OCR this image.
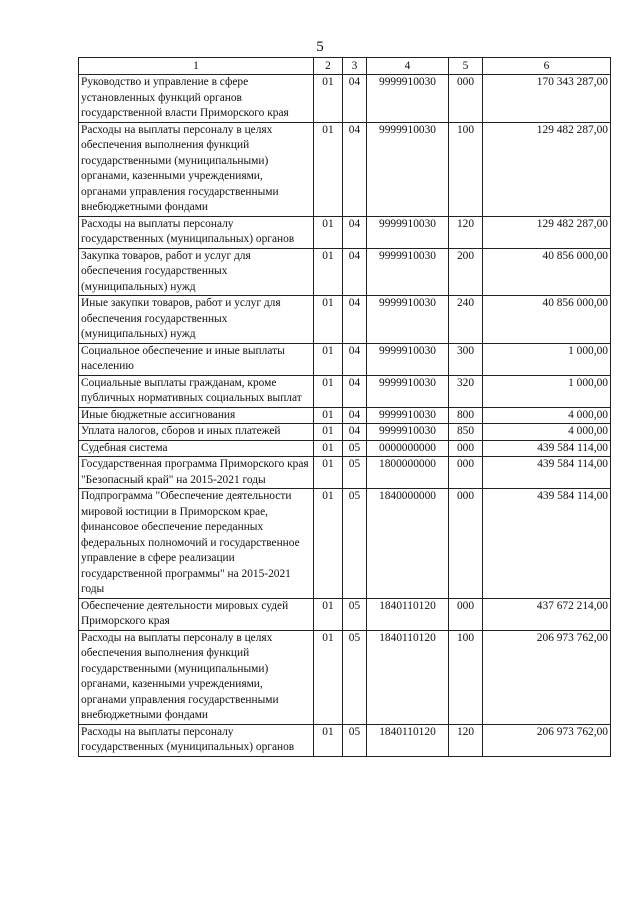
5
1	2	3	4	5	6
Руководство и управление в сфере установленных функций органов государственной власти Приморского края	01	04	9999910030	000	170 343 287,00
Расходы на выплаты персоналу в целях обеспечения выполнения функций государственными (муниципальными) органами, казенными учреждениями, органами управления государственными внебюджетными фондами	01	04	9999910030	100	129 482 287,00
Расходы на выплаты персоналу государственных (муниципальных) органов	01	04	9999910030	120	129 482 287,00
Закупка товаров, работ и услуг для обеспечения государственных (муниципальных) нужд	01	04	9999910030	200	40 856 000,00
Иные закупки товаров, работ и услуг для обеспечения государственных (муниципальных) нужд	01	04	9999910030	240	40 856 000,00
Социальное обеспечение и иные выплаты населению	01	04	9999910030	300	1 000,00
Социальные выплаты гражданам, кроме публичных нормативных социальных выплат	01	04	9999910030	320	1 000,00
Иные бюджетные ассигнования	01	04	9999910030	800	4 000,00
Уплата налогов, сборов и иных платежей	01	04	9999910030	850	4 000,00
Судебная система	01	05	0000000000	000	439 584 114,00
Государственная программа Приморского края "Безопасный край" на 2015-2021 годы	01	05	1800000000	000	439 584 114,00
Подпрограмма "Обеспечение деятельности мировой юстиции в Приморском крае, финансовое обеспечение переданных федеральных полномочий и государственное управление в сфере реализации государственной программы" на 2015-2021 годы	01	05	1840000000	000	439 584 114,00
Обеспечение деятельности мировых судей Приморского края	01	05	1840110120	000	437 672 214,00
Расходы на выплаты персоналу в целях обеспечения выполнения функций государственными (муниципальными) органами, казенными учреждениями, органами управления государственными внебюджетными фондами	01	05	1840110120	100	206 973 762,00
Расходы на выплаты персоналу государственных (муниципальных) органов	01	05	1840110120	120	206 973 762,00
